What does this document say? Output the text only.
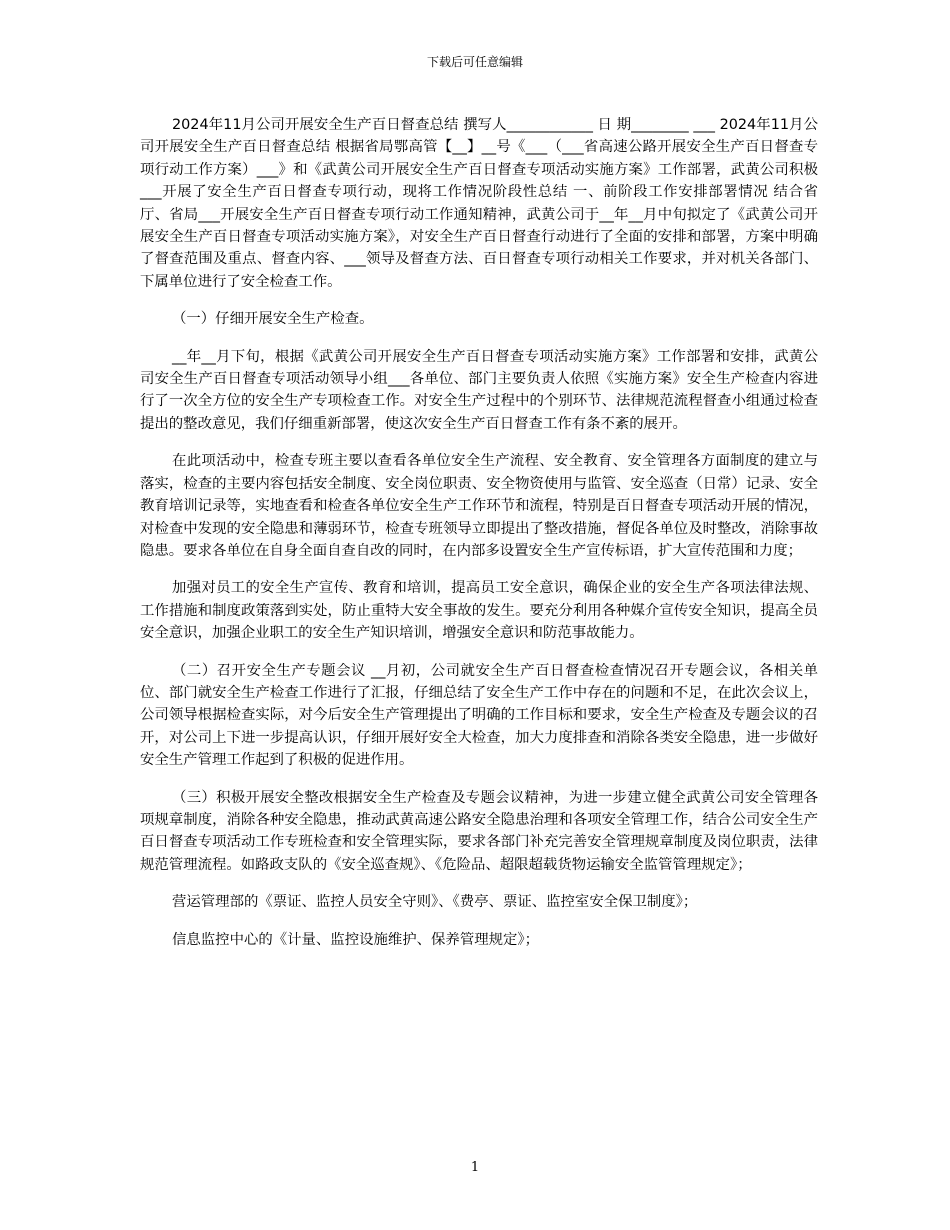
下载后可任意编辑

2024年11月公司开展安全生产百日督查总结 撰写人____________ 日 期________ ___ 2024年11月公司开展安全生产百日督查总结 根据省局鄂高管【__】__号《___（___省高速公路开展安全生产百日督查专项行动工作方案）___》和《武黄公司开展安全生产百日督查专项活动实施方案》工作部署，武黄公司积极___开展了安全生产百日督查专项行动，现将工作情况阶段性总结 一、前阶段工作安排部署情况 结合省厅、省局___开展安全生产百日督查专项行动工作通知精神，武黄公司于__年__月中旬拟定了《武黄公司开展安全生产百日督查专项活动实施方案》，对安全生产百日督查行动进行了全面的安排和部署，方案中明确了督查范围及重点、督查内容、___领导及督查方法、百日督查专项行动相关工作要求，并对机关各部门、下属单位进行了安全检查工作。

（一）仔细开展安全生产检查。

__年__月下旬，根据《武黄公司开展安全生产百日督查专项活动实施方案》工作部署和安排，武黄公司安全生产百日督查专项活动领导小组___各单位、部门主要负责人依照《实施方案》安全生产检查内容进行了一次全方位的安全生产专项检查工作。对安全生产过程中的个别环节、法律规范流程督查小组通过检查提出的整改意见，我们仔细重新部署，使这次安全生产百日督查工作有条不紊的展开。

在此项活动中，检查专班主要以查看各单位安全生产流程、安全教育、安全管理各方面制度的建立与落实，检查的主要内容包括安全制度、安全岗位职责、安全物资使用与监管、安全巡查（日常）记录、安全教育培训记录等，实地查看和检查各单位安全生产工作环节和流程，特别是百日督查专项活动开展的情况，对检查中发现的安全隐患和薄弱环节，检查专班领导立即提出了整改措施，督促各单位及时整改，消除事故隐患。要求各单位在自身全面自查自改的同时，在内部多设置安全生产宣传标语，扩大宣传范围和力度；

加强对员工的安全生产宣传、教育和培训，提高员工安全意识，确保企业的安全生产各项法律法规、工作措施和制度政策落到实处，防止重特大安全事故的发生。要充分利用各种媒介宣传安全知识，提高全员安全意识，加强企业职工的安全生产知识培训，增强安全意识和防范事故能力。

（二）召开安全生产专题会议 __月初，公司就安全生产百日督查检查情况召开专题会议，各相关单位、部门就安全生产检查工作进行了汇报，仔细总结了安全生产工作中存在的问题和不足，在此次会议上，公司领导根据检查实际，对今后安全生产管理提出了明确的工作目标和要求，安全生产检查及专题会议的召开，对公司上下进一步提高认识，仔细开展好安全大检查，加大力度排查和消除各类安全隐患，进一步做好安全生产管理工作起到了积极的促进作用。

（三）积极开展安全整改根据安全生产检查及专题会议精神，为进一步建立健全武黄公司安全管理各项规章制度，消除各种安全隐患，推动武黄高速公路安全隐患治理和各项安全管理工作，结合公司安全生产百日督查专项活动工作专班检查和安全管理实际，要求各部门补充完善安全管理规章制度及岗位职责，法律规范管理流程。如路政支队的《安全巡查规》、《危险品、超限超载货物运输安全监管管理规定》；

营运管理部的《票证、监控人员安全守则》、《费亭、票证、监控室安全保卫制度》；

信息监控中心的《计量、监控设施维护、保养管理规定》；

1
